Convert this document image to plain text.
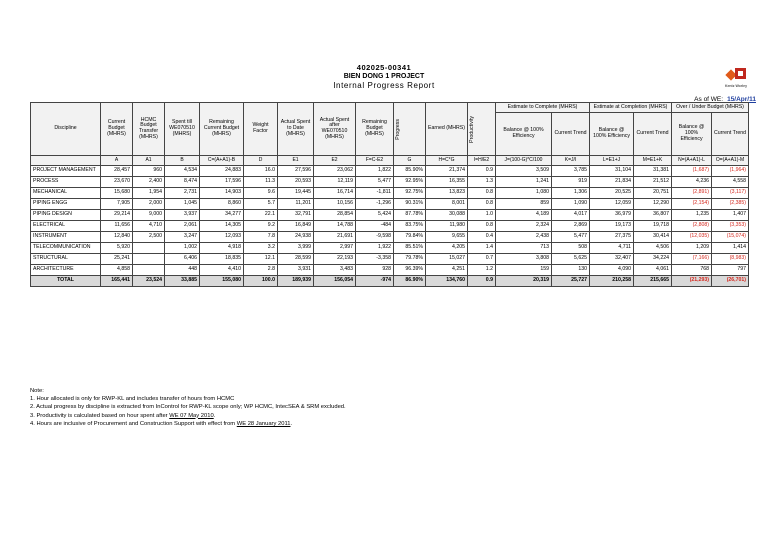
402025-00341
BIEN DONG 1 PROJECT
Internal Progress Report	Kentz Worley
As of WE: 15/Apr/11
Discipline	Current Budget (MHRS)	HCMC Budget Transfer (MHRS)	Spent till WE070510 (MHRS)	Remaining Current Budget (MHRS)	Weight Factor	Actual Spent to Date (MHRS)	Actual Spent after WE070510 (MHRS)	Remaining Budget (MHRS)	Progress	Earned (MHRS)	Productivity	Estimate to Complete (MHRS)		Estimate at Completion (MHRS)		Over / Under Budget (MHRS)	
												Balance @ 100% Efficiency	Current Trend	Balance @ 100% Efficiency	Current Trend	Balance @ 100% Efficiency	Current Trend
	A	A1	B	C=(A+A1)-B	D	E1	E2	F=C-E2	G	H=C*G	I=H/E2	J=(100-G)*C/100	K=J/I	L=E1+J	M=E1+K	N=(A+A1)-L	O=(A+A1)-M
PROJECT MANAGEMENT	28,457	960	4,534	24,883	16.0	27,596	23,062	1,822	85.90%	21,374	0.9	3,509	3,785	31,104	31,381	(1,687)	(1,964)
PROCESS	23,670	2,400	8,474	17,596	11.3	20,593	12,119	5,477	92.95%	16,355	1.3	1,241	919	21,834	21,512	4,236	4,558
MECHANICAL	15,680	1,954	2,731	14,903	9.6	19,445	16,714	-1,811	92.75%	13,823	0.8	1,080	1,306	20,525	20,751	(2,891)	(3,117)
PIPING ENGG	7,905	2,000	1,045	8,860	5.7	11,201	10,156	-1,296	90.31%	8,001	0.8	859	1,090	12,059	12,290	(2,154)	(2,385)
PIPING DESIGN	29,214	9,000	3,937	34,277	22.1	32,791	28,854	5,424	87.78%	30,088	1.0	4,189	4,017	36,979	36,807	1,235	1,407
ELECTRICAL	11,656	4,710	2,061	14,305	9.2	16,849	14,788	-484	83.75%	11,980	0.8	2,324	2,869	19,173	19,718	(2,808)	(3,353)
INSTRUMENT	12,840	2,500	3,247	12,093	7.8	24,938	21,691	-9,598	79.84%	9,655	0.4	2,438	5,477	27,375	30,414	(12,035)	(15,074)
TELECOMMUNICATION	5,920		1,002	4,918	3.2	3,999	2,997	1,922	85.51%	4,205	1.4	713	508	4,711	4,506	1,209	1,414
STRUCTURAL	25,241		6,406	18,835	12.1	28,599	22,193	-3,358	79.78%	15,027	0.7	3,808	5,625	32,407	34,224	(7,166)	(8,983)
ARCHITECTURE	4,858		448	4,410	2.8	3,931	3,483	928	96.39%	4,251	1.2	159	130	4,090	4,061	768	797
TOTAL	165,441	23,524	33,885	155,080	100.0	189,939	156,054	-974	86.90%	134,760	0.9	20,319	25,727	210,258	215,665	(21,293)	(26,701)
Note:
1. Hour allocated is only for RWP-KL and includes transfer of hours from HCMC
2. Actual progress by discipline is extracted from InControl for RWP-KL scope only; WP HCMC, IntecSEA & SRM excluded.
3. Productivity is calculated based on hour spent after WE 07 May 2010.
4. Hours are inclusive of Procurement and Construction Support with effect from WE 28 January 2011.
